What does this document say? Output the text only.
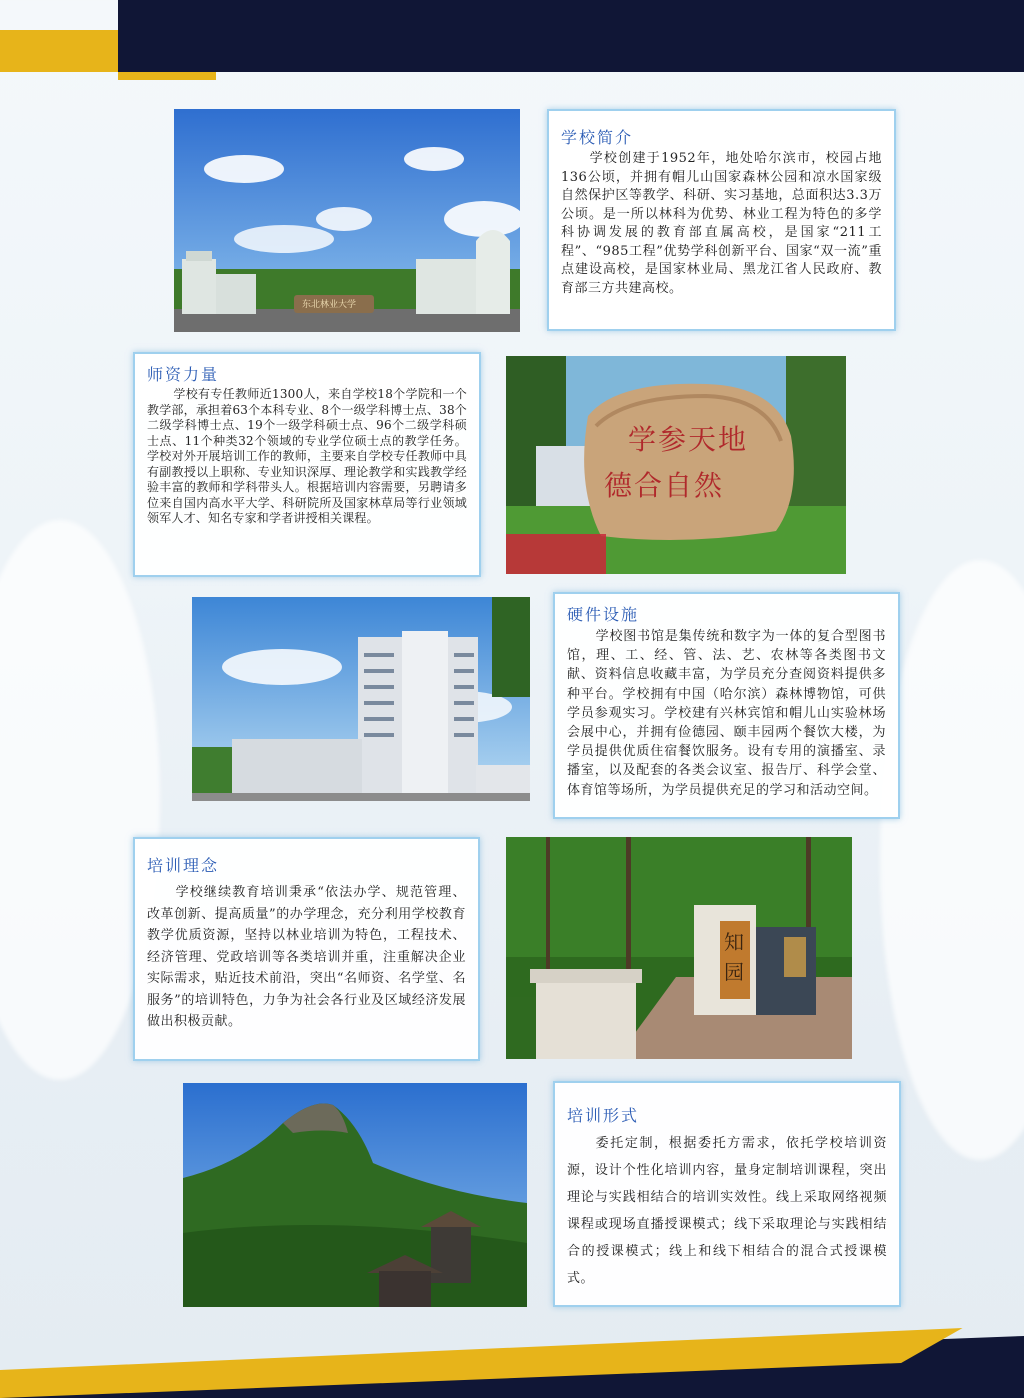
东北林业大学
学校简介

学校创建于1952年，地处哈尔滨市，校园占地136公顷，并拥有帽儿山国家森林公园和凉水国家级自然保护区等教学、科研、实习基地，总面积达3.3万公顷。是一所以林科为优势、林业工程为特色的多学科协调发展的教育部直属高校，是国家“211工程”、“985工程”优势学科创新平台、国家“双一流”重点建设高校，是国家林业局、黑龙江省人民政府、教育部三方共建高校。

师资力量

学校有专任教师近1300人，来自学校18个学院和一个教学部，承担着63个本科专业、8个一级学科博士点、38个二级学科博士点、19个一级学科硕士点、96个二级学科硕士点、11个种类32个领域的专业学位硕士点的教学任务。学校对外开展培训工作的教师，主要来自学校专任教师中具有副教授以上职称、专业知识深厚、理论教学和实践教学经验丰富的教师和学科带头人。根据培训内容需要，另聘请多位来自国内高水平大学、科研院所及国家林草局等行业领域领军人才、知名专家和学者讲授相关课程。

学参天地
德合自然
硬件设施

学校图书馆是集传统和数字为一体的复合型图书馆，理、工、经、管、法、艺、农林等各类图书文献、资料信息收藏丰富，为学员充分查阅资料提供多种平台。学校拥有中国（哈尔滨）森林博物馆，可供学员参观实习。学校建有兴林宾馆和帽儿山实验林场会展中心，并拥有俭德园、颐丰园两个餐饮大楼，为学员提供优质住宿餐饮服务。设有专用的演播室、录播室，以及配套的各类会议室、报告厅、科学会堂、体育馆等场所，为学员提供充足的学习和活动空间。

培训理念

学校继续教育培训秉承“依法办学、规范管理、改革创新、提高质量”的办学理念，充分利用学校教育教学优质资源，坚持以林业培训为特色，工程技术、经济管理、党政培训等各类培训并重，注重解决企业实际需求，贴近技术前沿，突出“名师资、名学堂、名服务”的培训特色，力争为社会各行业及区域经济发展做出积极贡献。

知园
培训形式

委托定制，根据委托方需求，依托学校培训资源，设计个性化培训内容，量身定制培训课程，突出理论与实践相结合的培训实效性。线上采取网络视频课程或现场直播授课模式；线下采取理论与实践相结合的授课模式；线上和线下相结合的混合式授课模式。
